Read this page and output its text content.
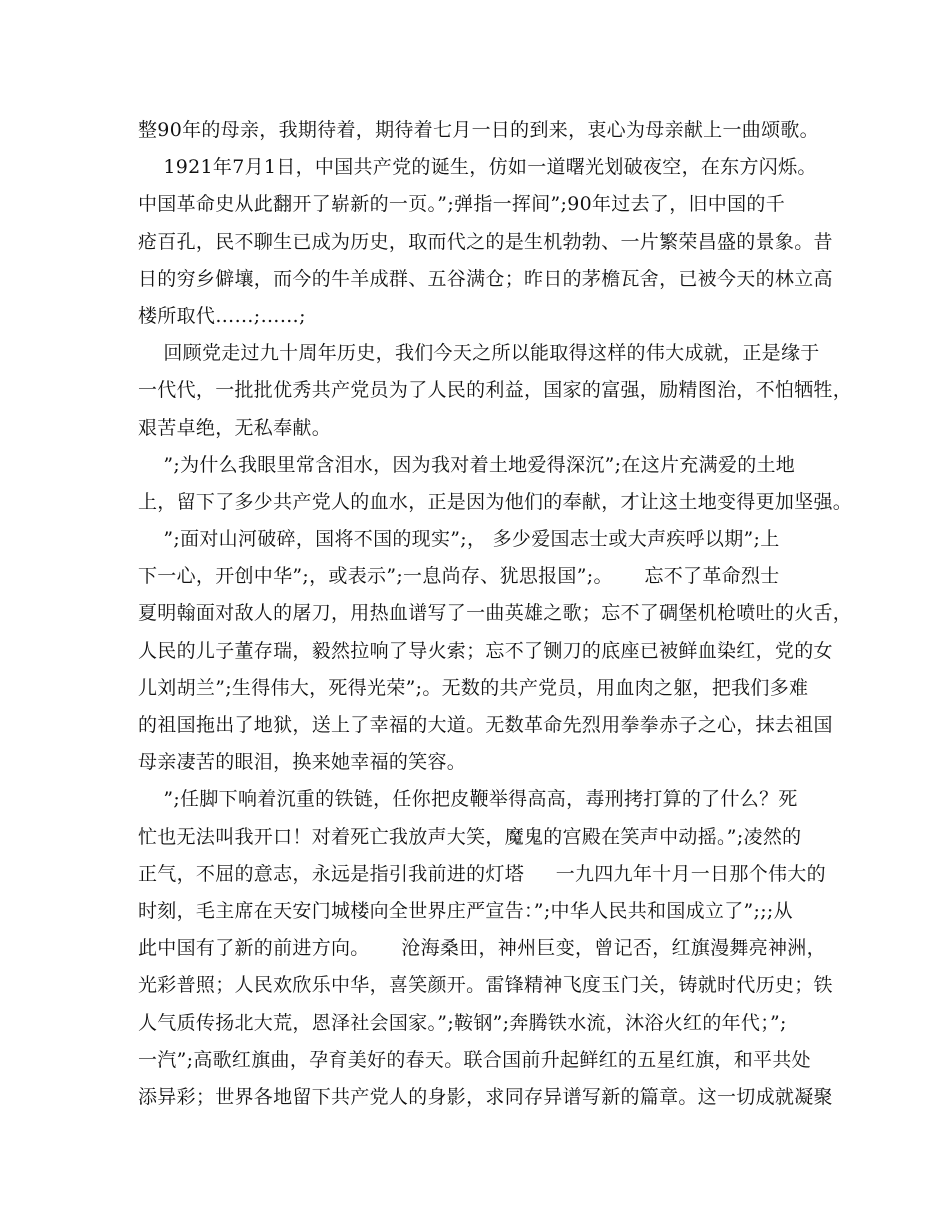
整90年的母亲，我期待着，期待着七月一日的到来，衷心为母亲献上一曲颂歌。
1921年7月1日，中国共产党的诞生，仿如一道曙光划破夜空，在东方闪烁。
中国革命史从此翻开了崭新的一页。”;弹指一挥间”;90年过去了，旧中国的千
疮百孔，民不聊生已成为历史，取而代之的是生机勃勃、一片繁荣昌盛的景象。昔
日的穷乡僻壤，而今的牛羊成群、五谷满仓；昨日的茅檐瓦舍，已被今天的林立高
楼所取代……;……;
回顾党走过九十周年历史，我们今天之所以能取得这样的伟大成就，正是缘于
一代代，一批批优秀共产党员为了人民的利益，国家的富强，励精图治，不怕牺牲，
艰苦卓绝，无私奉献。
”;为什么我眼里常含泪水，因为我对着土地爱得深沉”;在这片充满爱的土地
上，留下了多少共产党人的血水，正是因为他们的奉献，才让这土地变得更加坚强。
”;面对山河破碎，国将不国的现实”;， 多少爱国志士或大声疾呼以期”;上
下一心，开创中华”;，或表示”;一息尚存、犹思报国”;。     忘不了革命烈士
夏明翰面对敌人的屠刀，用热血谱写了一曲英雄之歌；忘不了碉堡机枪喷吐的火舌，
人民的儿子董存瑞，毅然拉响了导火索；忘不了铡刀的底座已被鲜血染红，党的女
儿刘胡兰”;生得伟大，死得光荣”;。无数的共产党员，用血肉之躯，把我们多难
的祖国拖出了地狱，送上了幸福的大道。无数革命先烈用拳拳赤子之心，抹去祖国
母亲凄苦的眼泪，换来她幸福的笑容。
”;任脚下响着沉重的铁链，任你把皮鞭举得高高，毒刑拷打算的了什么？死
忙也无法叫我开口！对着死亡我放声大笑，魔鬼的宫殿在笑声中动摇。”;凌然的
正气，不屈的意志，永远是指引我前进的灯塔     一九四九年十月一日那个伟大的
时刻，毛主席在天安门城楼向全世界庄严宣告：”;中华人民共和国成立了”;;;从
此中国有了新的前进方向。     沧海桑田，神州巨变，曾记否，红旗漫舞亮神洲，
光彩普照；人民欢欣乐中华，喜笑颜开。雷锋精神飞度玉门关，铸就时代历史；铁
人气质传扬北大荒，恩泽社会国家。”;鞍钢”;奔腾铁水流，沐浴火红的年代；”;
一汽”;高歌红旗曲，孕育美好的春天。联合国前升起鲜红的五星红旗，和平共处
添异彩；世界各地留下共产党人的身影，求同存异谱写新的篇章。这一切成就凝聚
